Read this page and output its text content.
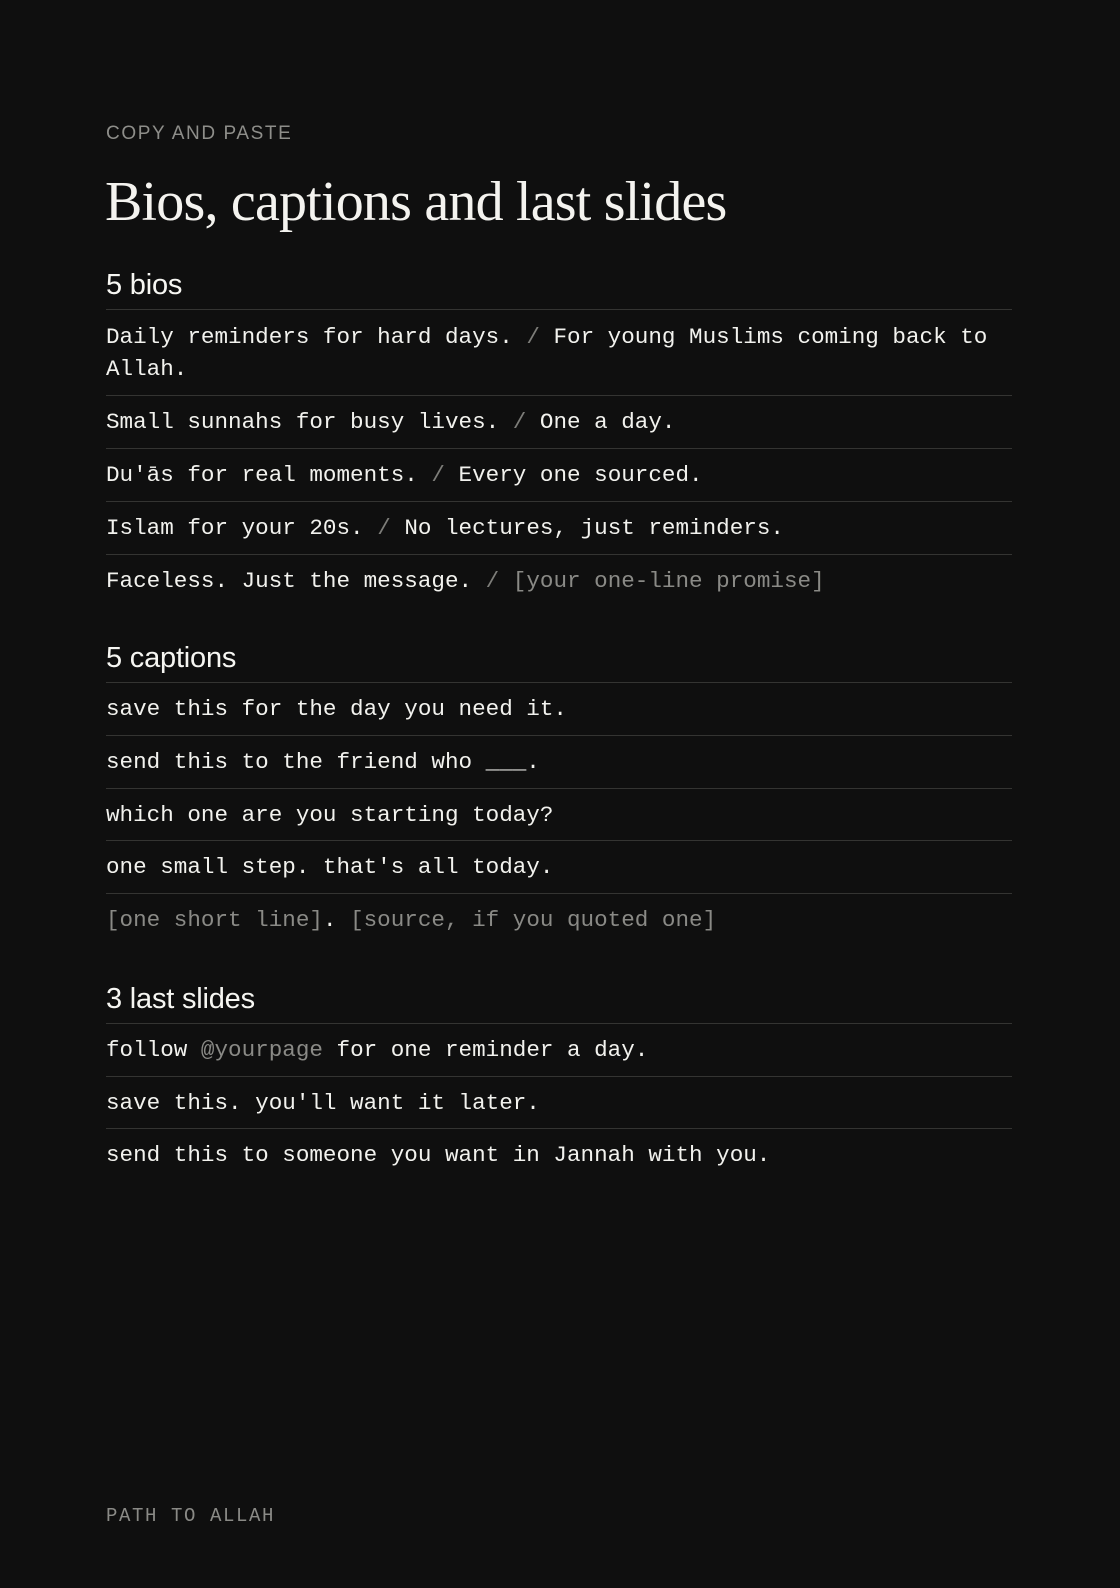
COPY AND PASTE
Bios, captions and last slides
5 bios
Daily reminders for hard days. / For young Muslims coming back to Allah.
Small sunnahs for busy lives. / One a day.
Du'ās for real moments. / Every one sourced.
Islam for your 20s. / No lectures, just reminders.
Faceless. Just the message. / [your one-line promise]
5 captions
save this for the day you need it.
send this to the friend who ___.
which one are you starting today?
one small step. that's all today.
[one short line]. [source, if you quoted one]
3 last slides
follow @yourpage for one reminder a day.
save this. you'll want it later.
send this to someone you want in Jannah with you.
PATH TO ALLAH
